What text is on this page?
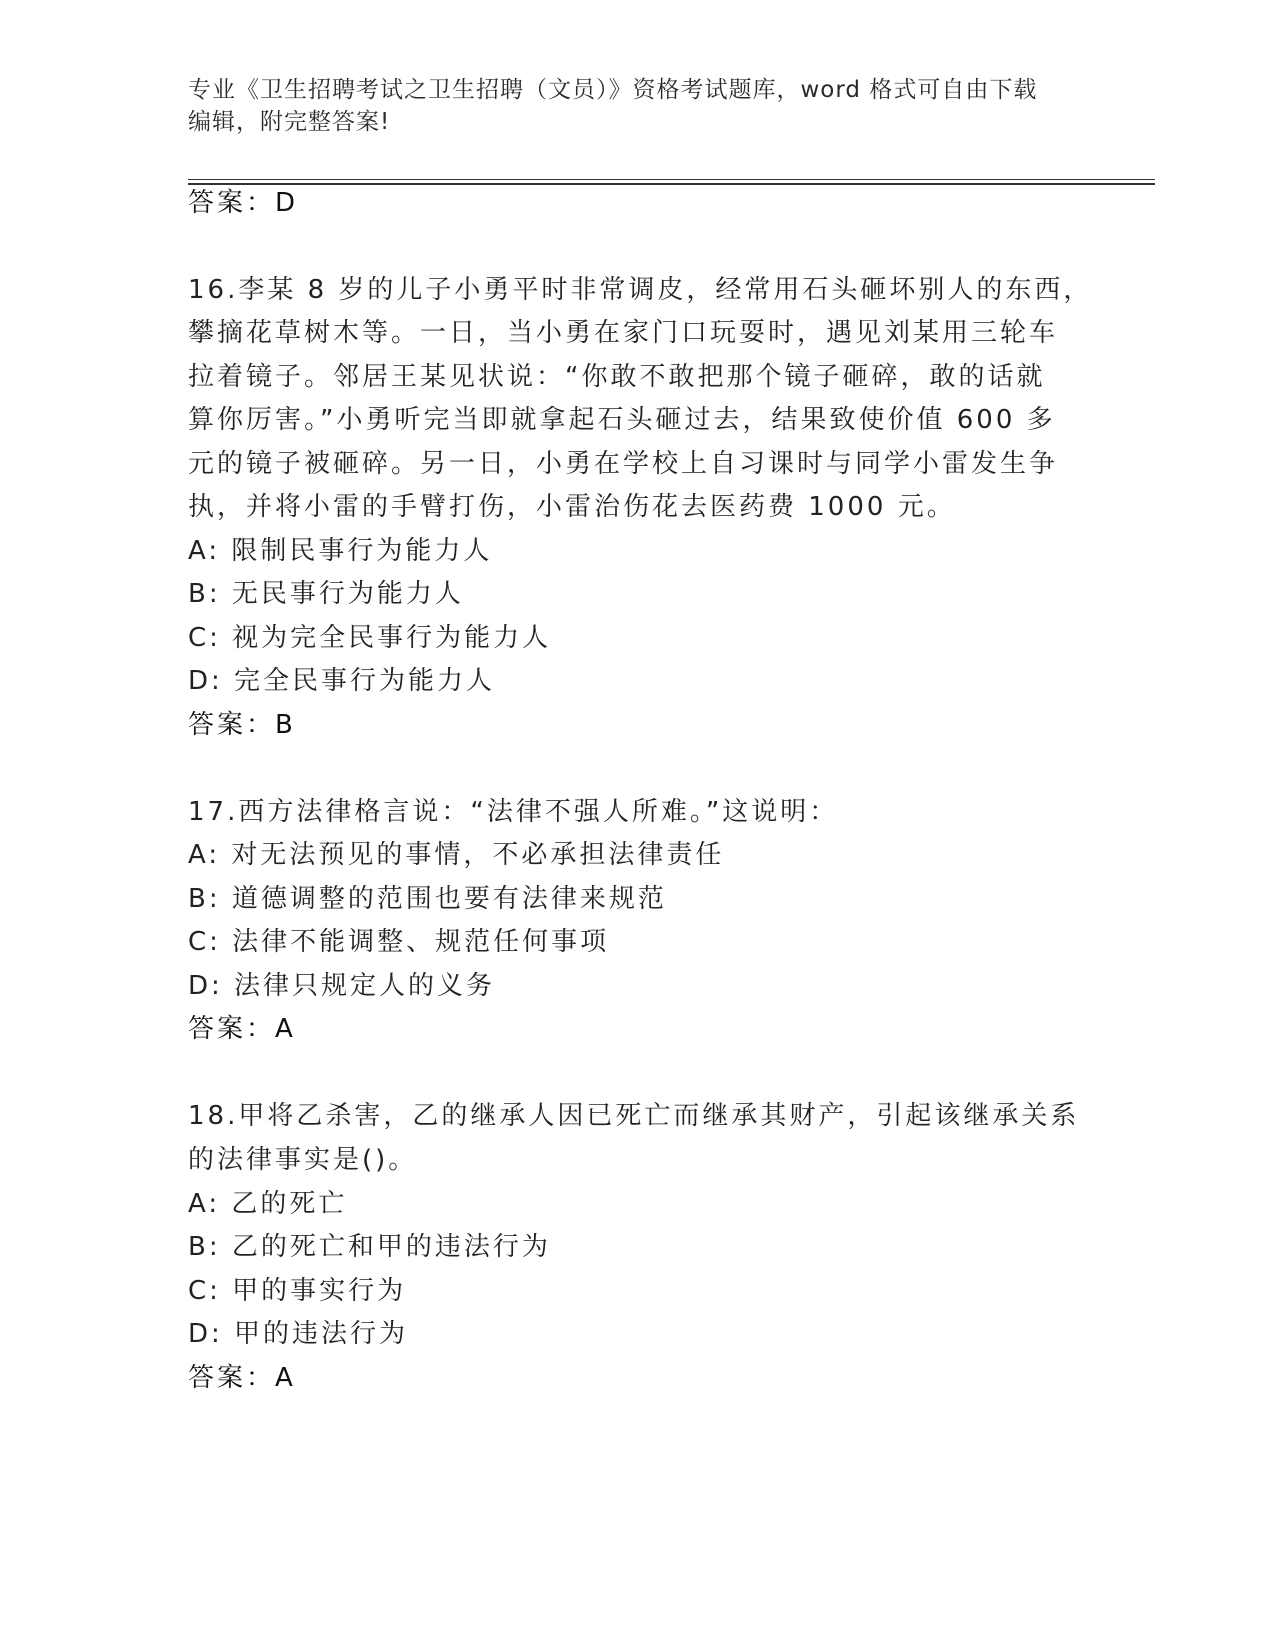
专业《卫生招聘考试之卫生招聘（文员）》资格考试题库，word 格式可自由下载
编辑，附完整答案!
答案：D
16.李某 8 岁的儿子小勇平时非常调皮，经常用石头砸坏别人的东西，
攀摘花草树木等。一日，当小勇在家门口玩耍时，遇见刘某用三轮车
拉着镜子。邻居王某见状说：“你敢不敢把那个镜子砸碎，敢的话就
算你厉害。”小勇听完当即就拿起石头砸过去，结果致使价值 600 多
元的镜子被砸碎。另一日，小勇在学校上自习课时与同学小雷发生争
执，并将小雷的手臂打伤，小雷治伤花去医药费 1000 元。
A: 限制民事行为能力人
B: 无民事行为能力人
C: 视为完全民事行为能力人
D: 完全民事行为能力人
答案：B
17.西方法律格言说：“法律不强人所难。”这说明：
A: 对无法预见的事情，不必承担法律责任
B: 道德调整的范围也要有法律来规范
C: 法律不能调整、规范任何事项
D: 法律只规定人的义务
答案：A
18.甲将乙杀害，乙的继承人因已死亡而继承其财产，引起该继承关系
的法律事实是()。
A: 乙的死亡
B: 乙的死亡和甲的违法行为
C: 甲的事实行为
D: 甲的违法行为
答案：A
